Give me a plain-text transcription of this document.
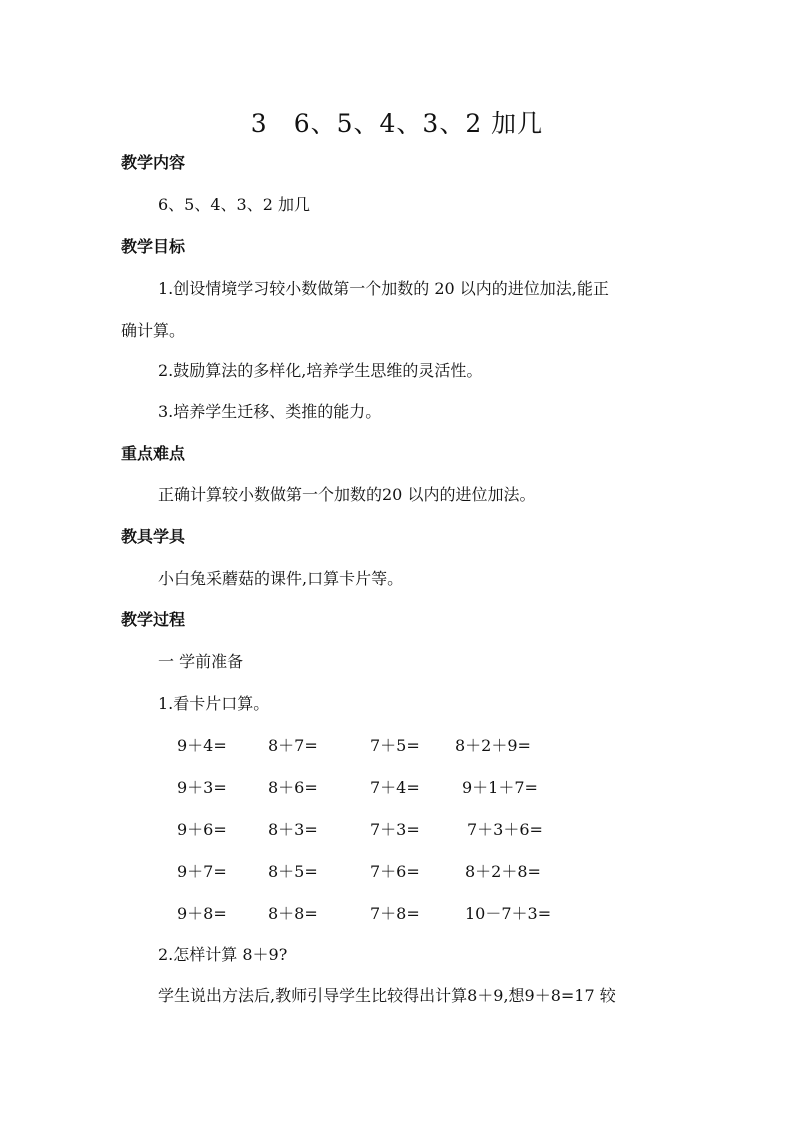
3　6、5、4、3、2 加几
教学内容
6、5、4、3、2 加几
教学目标
1.创设情境学习较小数做第一个加数的 20 以内的进位加法,能正
确计算。
2.鼓励算法的多样化,培养学生思维的灵活性。
3.培养学生迁移、类推的能力。
重点难点
正确计算较小数做第一个加数的20 以内的进位加法。
教具学具
小白兔采蘑菇的课件,口算卡片等。
教学过程
一 学前准备
1.看卡片口算。
9＋4=	8＋7=	7＋5= 8＋2＋9=
9＋3=	8＋6=	7＋4=	9＋1＋7=
9＋6=	8＋3=	7＋3=	7＋3＋6=
9＋7=	8＋5=	7＋6=	8＋2＋8=
9＋8=	8＋8=	7＋8=	10－7＋3=
2.怎样计算 8＋9?
学生说出方法后,教师引导学生比较得出计算8＋9,想9＋8=17 较
